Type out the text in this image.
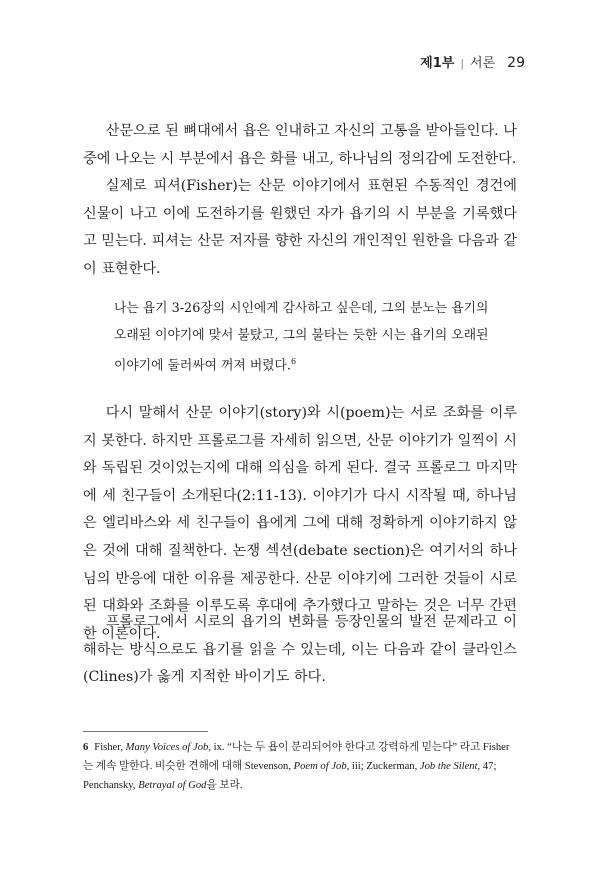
제1부 | 서론 29

산문으로 된 뼈대에서 욥은 인내하고 자신의 고통을 받아들인다. 나중에 나오는 시 부분에서 욥은 화를 내고, 하나님의 정의감에 도전한다.

실제로 피셔(Fisher)는 산문 이야기에서 표현된 수동적인 경건에 신물이 나고 이에 도전하기를 원했던 자가 욥기의 시 부분을 기록했다고 믿는다. 피셔는 산문 저자를 향한 자신의 개인적인 원한을 다음과 같이 표현한다.

나는 욥기 3-26장의 시인에게 감사하고 싶은데, 그의 분노는 욥기의 오래된 이야기에 맞서 불탔고, 그의 불타는 듯한 시는 욥기의 오래된 이야기에 둘러싸여 꺼져 버렸다.$^6$

다시 말해서 산문 이야기(story)와 시(poem)는 서로 조화를 이루지 못한다. 하지만 프롤로그를 자세히 읽으면, 산문 이야기가 일찍이 시와 독립된 것이었는지에 대해 의심을 하게 된다. 결국 프롤로그 마지막에 세 친구들이 소개된다(2:11-13). 이야기가 다시 시작될 때, 하나님은 엘리바스와 세 친구들이 욥에게 그에 대해 정확하게 이야기하지 않은 것에 대해 질책한다. 논쟁 섹션(debate section)은 여기서의 하나님의 반응에 대한 이유를 제공한다. 산문 이야기에 그러한 것들이 시로 된 대화와 조화를 이루도록 후대에 추가했다고 말하는 것은 너무 간편한 이론이다.

프롤로그에서 시로의 욥기의 변화를 등장인물의 발전 문제라고 이해하는 방식으로도 욥기를 읽을 수 있는데, 이는 다음과 같이 클라인스(Clines)가 옳게 지적한 바이기도 하다.

6 Fisher, Many Voices of Job, ix. “나는 두 욥이 분리되어야 한다고 강력하게 믿는다” 라고 Fisher는 계속 말한다. 비슷한 견해에 대해 Stevenson, Poem of Job, iii; Zuckerman, Job the Silent, 47; Penchansky, Betrayal of God을 보라.
